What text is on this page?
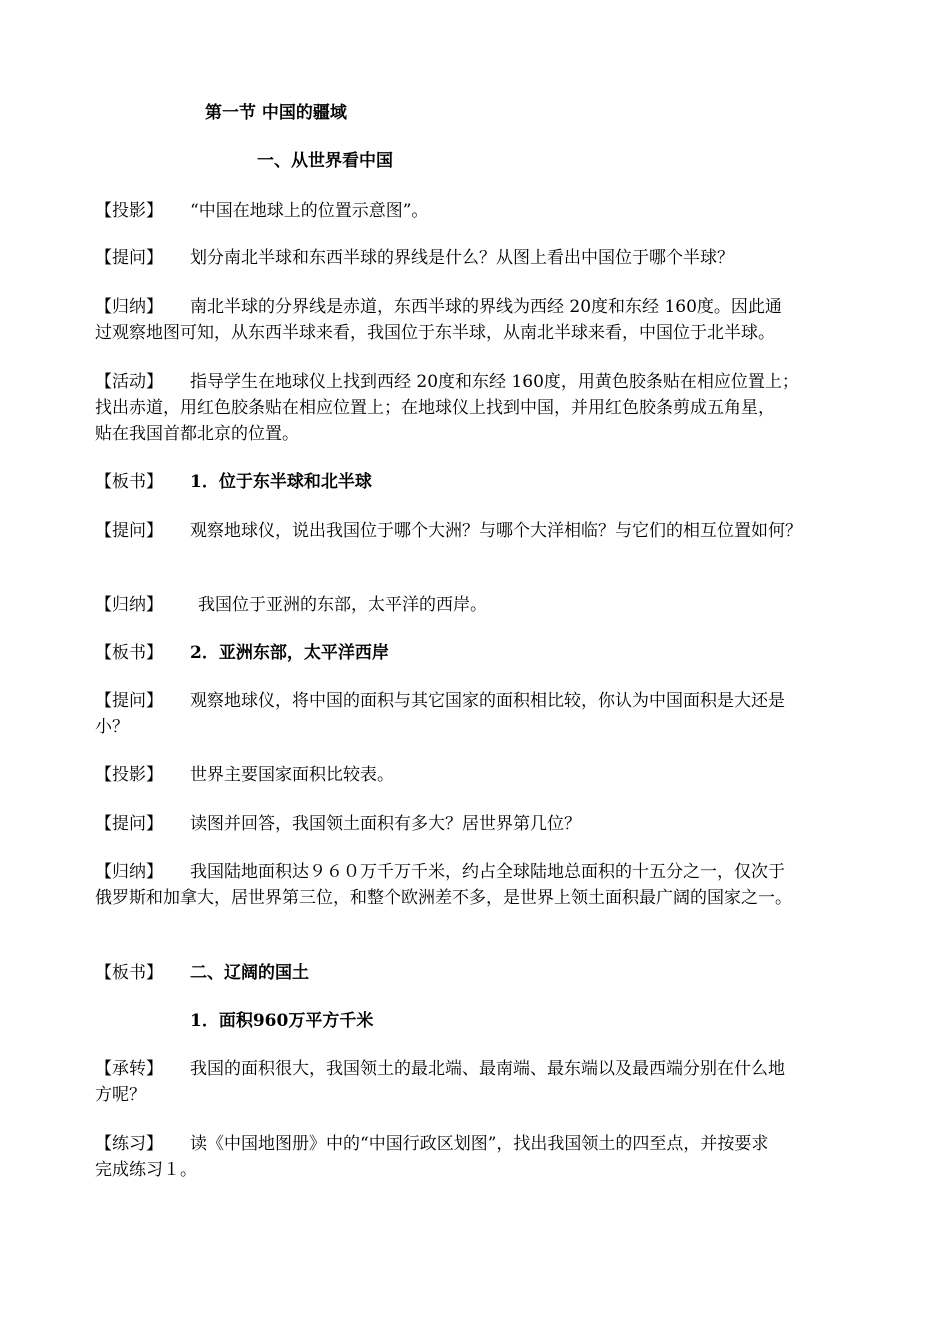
第一节 中国的疆域
一、从世界看中国
【投影】 “中国在地球上的位置示意图”。
【提问】 划分南北半球和东西半球的界线是什么？从图上看出中国位于哪个半球？
【归纳】 南北半球的分界线是赤道，东西半球的界线为西经 20度和东经 160度。因此通
过观察地图可知，从东西半球来看，我国位于东半球，从南北半球来看，中国位于北半球。
【活动】 指导学生在地球仪上找到西经 20度和东经 160度，用黄色胶条贴在相应位置上；
找出赤道，用红色胶条贴在相应位置上；在地球仪上找到中国，并用红色胶条剪成五角星，
贴在我国首都北京的位置。
【板书】 1．位于东半球和北半球
【提问】 观察地球仪，说出我国位于哪个大洲？与哪个大洋相临？与它们的相互位置如何？
【归纳】 我国位于亚洲的东部，太平洋的西岸。
【板书】 2．亚洲东部，太平洋西岸
【提问】 观察地球仪，将中国的面积与其它国家的面积相比较，你认为中国面积是大还是
小？
【投影】 世界主要国家面积比较表。
【提问】 读图并回答，我国领土面积有多大？居世界第几位？
【归纳】 我国陆地面积达９６０万千万千米，约占全球陆地总面积的十五分之一，仅次于
俄罗斯和加拿大，居世界第三位，和整个欧洲差不多，是世界上领土面积最广阔的国家之一。
【板书】 二、辽阔的国土
1．面积960万平方千米
【承转】 我国的面积很大，我国领土的最北端、最南端、最东端以及最西端分别在什么地
方呢？
【练习】 读《中国地图册》中的“中国行政区划图”，找出我国领土的四至点，并按要求
完成练习１。
